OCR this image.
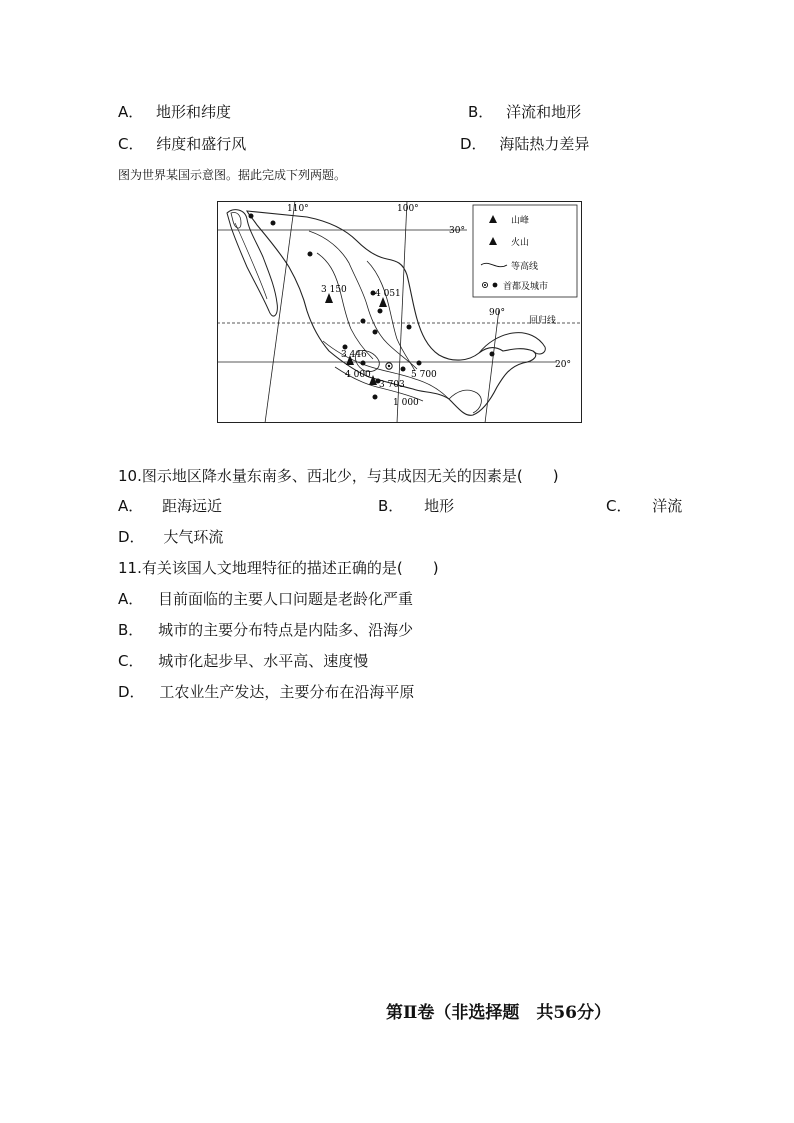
A． 地形和纬度	B． 洋流和地形
C． 纬度和盛行风	D． 海陆热力差异
图为世界某国示意图。据此完成下列两题。
110°	100°
90°
30°
20°
回归线
3 150	4 051
3 446
4 000	5 700
3 703
1 000
山峰
火山
等高线
首都及城市
10.图示地区降水量东南多、西北少，与其成因无关的因素是(　　)
A． 距海远近	B． 地形	C． 洋流
D． 大气环流
11.有关该国人文地理特征的描述正确的是(　　)
A． 目前面临的主要人口问题是老龄化严重
B． 城市的主要分布特点是内陆多、沿海少
C． 城市化起步早、水平高、速度慢
D． 工农业生产发达，主要分布在沿海平原
第Ⅱ卷（非选择题　共56分）
